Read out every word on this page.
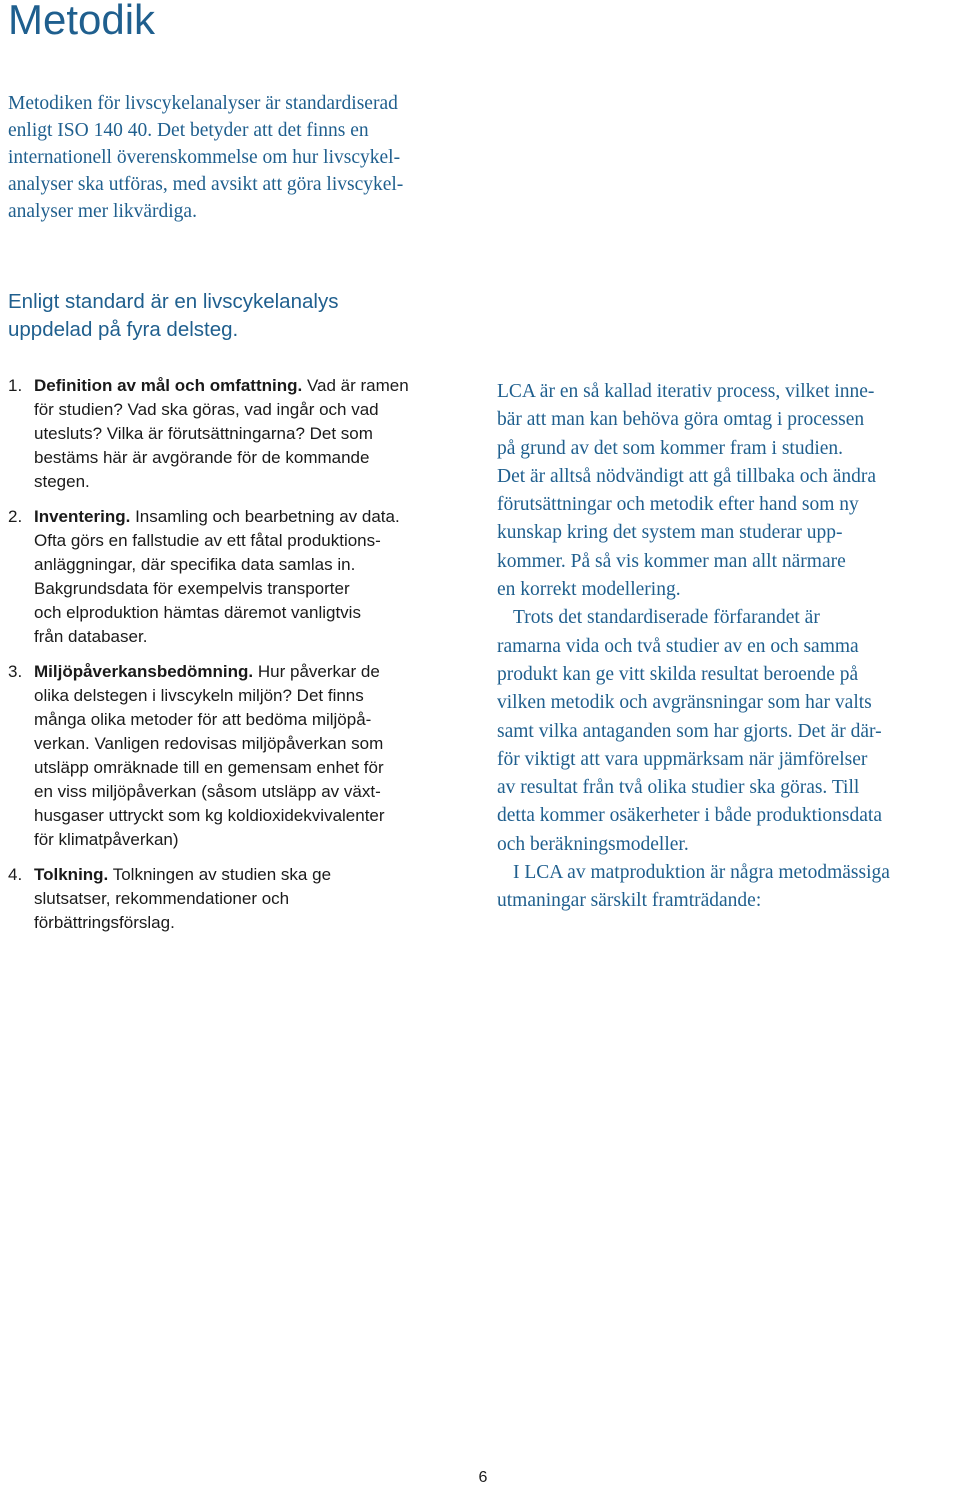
Metodik
Metodiken för livscykelanalyser är standardiserad
enligt ISO 140 40. Det betyder att det finns en
internationell överenskommelse om hur livscykel-
analyser ska utföras, med avsikt att göra livscykel-
analyser mer likvärdiga.
Enligt standard är en livscykelanalys
uppdelad på fyra delsteg.
1. Definition av mål och omfattning. Vad är ramen
för studien? Vad ska göras, vad ingår och vad
utesluts? Vilka är förutsättningarna? Det som
bestäms här är avgörande för de kommande
stegen.
2. Inventering. Insamling och bearbetning av data.
Ofta görs en fallstudie av ett fåtal produktions-
anläggningar, där specifika data samlas in.
Bakgrundsdata för exempelvis transporter
och elproduktion hämtas däremot vanligtvis
från databaser.
3. Miljöpåverkansbedömning. Hur påverkar de
olika delstegen i livscykeln miljön? Det finns
många olika metoder för att bedöma miljöpå-
verkan. Vanligen redovisas miljöpåverkan som
utsläpp omräknade till en gemensam enhet för
en viss miljöpåverkan (såsom utsläpp av växt-
husgaser uttryckt som kg koldioxidekvivalenter
för klimatpåverkan)
4. Tolkning. Tolkningen av studien ska ge
slutsatser, rekommendationer och
förbättringsförslag.

LCA är en så kallad iterativ process, vilket inne-
bär att man kan behöva göra omtag i processen
på grund av det som kommer fram i studien.
Det är alltså nödvändigt att gå tillbaka och ändra
förutsättningar och metodik efter hand som ny
kunskap kring det system man studerar upp-
kommer. På så vis kommer man allt närmare
en korrekt modellering.

Trots det standardiserade förfarandet är
ramarna vida och två studier av en och samma
produkt kan ge vitt skilda resultat beroende på
vilken metodik och avgränsningar som har valts
samt vilka antaganden som har gjorts. Det är där-
för viktigt att vara uppmärksam när jämförelser
av resultat från två olika studier ska göras. Till
detta kommer osäkerheter i både produktionsdata
och beräkningsmodeller.

I LCA av matproduktion är några metodmässiga
utmaningar särskilt framträdande:

6
